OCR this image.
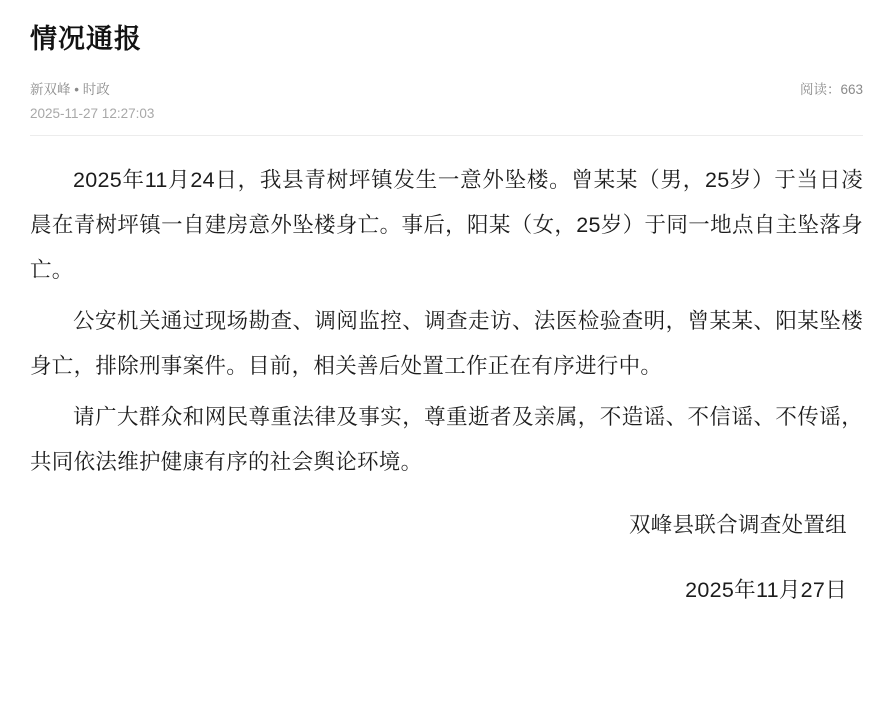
情况通报
新双峰 • 时政
2025-11-27 12:27:03
阅读：663

2025年11月24日，我县青树坪镇发生一意外坠楼。曾某某（男，25岁）于当日凌晨在青树坪镇一自建房意外坠楼身亡。事后，阳某（女，25岁）于同一地点自主坠落身亡。

公安机关通过现场勘查、调阅监控、调查走访、法医检验查明，曾某某、阳某坠楼身亡，排除刑事案件。目前，相关善后处置工作正在有序进行中。

请广大群众和网民尊重法律及事实，尊重逝者及亲属，不造谣、不信谣、不传谣，共同依法维护健康有序的社会舆论环境。

双峰县联合调查处置组
2025年11月27日
